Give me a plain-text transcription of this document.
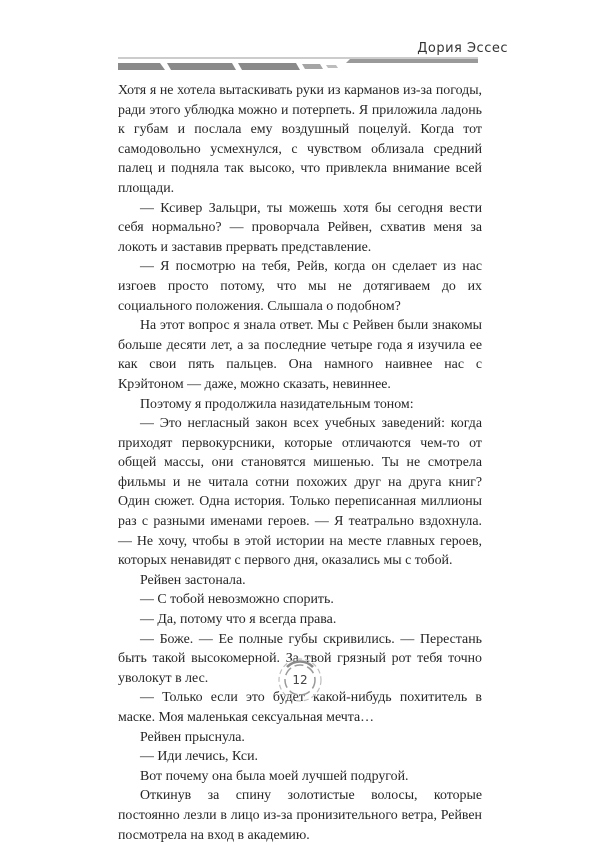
Дория Эссес

Хотя я не хотела вытаскивать руки из карманов из-за погоды, ради этого ублюдка можно и потерпеть. Я приложила ладонь к губам и послала ему воздушный поцелуй. Когда тот самодовольно усмехнулся, с чувством облизала средний палец и подняла так высоко, что привлекла внимание всей площади.

— Ксивер Зальцри, ты можешь хотя бы сегодня вести себя нормально? — проворчала Рейвен, схватив меня за локоть и заставив прервать представление.

— Я посмотрю на тебя, Рейв, когда он сделает из нас изгоев просто потому, что мы не дотягиваем до их социального положения. Слышала о подобном?

На этот вопрос я знала ответ. Мы с Рейвен были знакомы больше десяти лет, а за последние четыре года я изучила ее как свои пять пальцев. Она намного наивнее нас с Крэйтоном — даже, можно сказать, невиннее.

Поэтому я продолжила назидательным тоном:

— Это негласный закон всех учебных заведений: когда приходят первокурсники, которые отличаются чем-то от общей массы, они становятся мишенью. Ты не смотрела фильмы и не читала сотни похожих друг на друга книг? Один сюжет. Одна история. Только переписанная миллионы раз с разными именами героев. — Я театрально вздохнула. — Не хочу, чтобы в этой истории на месте главных героев, которых ненавидят с первого дня, оказались мы с тобой.

Рейвен застонала.

— С тобой невозможно спорить.

— Да, потому что я всегда права.

— Боже. — Ее полные губы скривились. — Перестань быть такой высокомерной. За твой грязный рот тебя точно уволокут в лес.

— Только если это будет какой-нибудь похититель в маске. Моя маленькая сексуальная мечта…

Рейвен прыснула.

— Иди лечись, Кси.

Вот почему она была моей лучшей подругой.

Откинув за спину золотистые волосы, которые постоянно лезли в лицо из-за пронизительного ветра, Рейвен посмотрела на вход в академию.

12
